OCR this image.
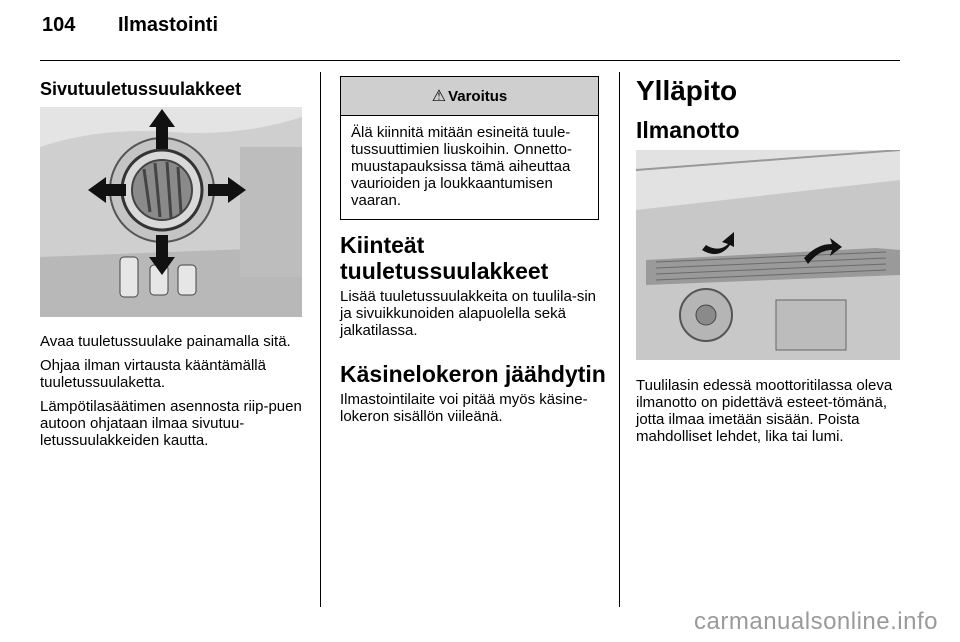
104 Ilmastointi
Sivutuuletussuulakkeet

Avaa tuuletussuulake painamalla sitä.

Ohjaa ilman virtausta kääntämällä tuuletussuulaketta.

Lämpötilasäätimen asennosta riip-puen autoon ohjataan ilmaa sivutuu-letussuulakkeiden kautta.

⚠ Varoitus
Älä kiinnitä mitään esineitä tuule-tussuuttimien liuskoihin. Onnetto-muustapauksissa tämä aiheuttaa vaurioiden ja loukkaantumisen vaaran.
Kiinteät
tuuletussuulakkeet
Lisää tuuletussuulakkeita on tuulila-sin ja sivuikkunoiden alapuolella sekä jalkatilassa.
Käsinelokeron jäähdytin
Ilmastointilaite voi pitää myös käsine-lokeron sisällön viileänä.
Ylläpito
Ilmanotto
Tuulilasin edessä moottoritilassa oleva ilmanotto on pidettävä esteet-tömänä, jotta ilmaa imetään sisään. Poista mahdolliset lehdet, lika tai lumi.
carmanualsonline.info
